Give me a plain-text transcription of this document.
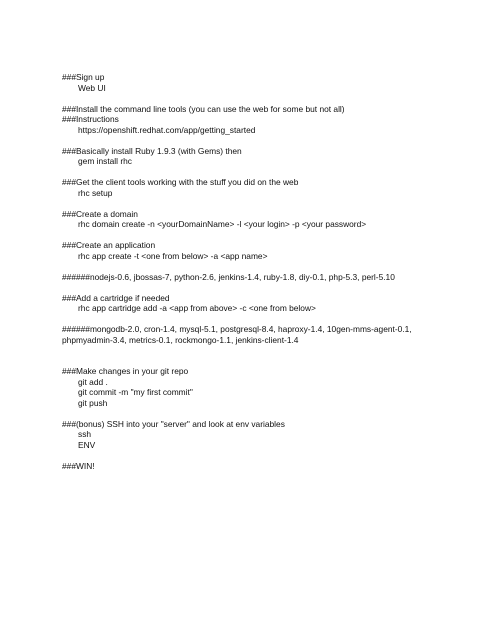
###Sign up
Web UI
###Install the command line tools (you can use the web for some but not all)
###Instructions
https://openshift.redhat.com/app/getting_started
###Basically install Ruby 1.9.3 (with Gems) then
gem install rhc
###Get the client tools working with the stuff you did on the web
rhc setup
###Create a domain
rhc domain create -n <yourDomainName> -l <your login> -p <your password>
###Create an application
rhc app create -t <one from below> -a <app name>
######nodejs-0.6, jbossas-7, python-2.6, jenkins-1.4, ruby-1.8, diy-0.1, php-5.3, perl-5.10
###Add a cartridge if needed
rhc app cartridge add -a <app from above> -c <one from below>
######mongodb-2.0, cron-1.4, mysql-5.1, postgresql-8.4, haproxy-1.4, 10gen-mms-agent-0.1,
phpmyadmin-3.4, metrics-0.1, rockmongo-1.1, jenkins-client-1.4
###Make changes in your git repo
git add .
git commit -m "my first commit"
git push
###(bonus) SSH into your "server" and look at env variables
ssh
ENV
###WIN!
